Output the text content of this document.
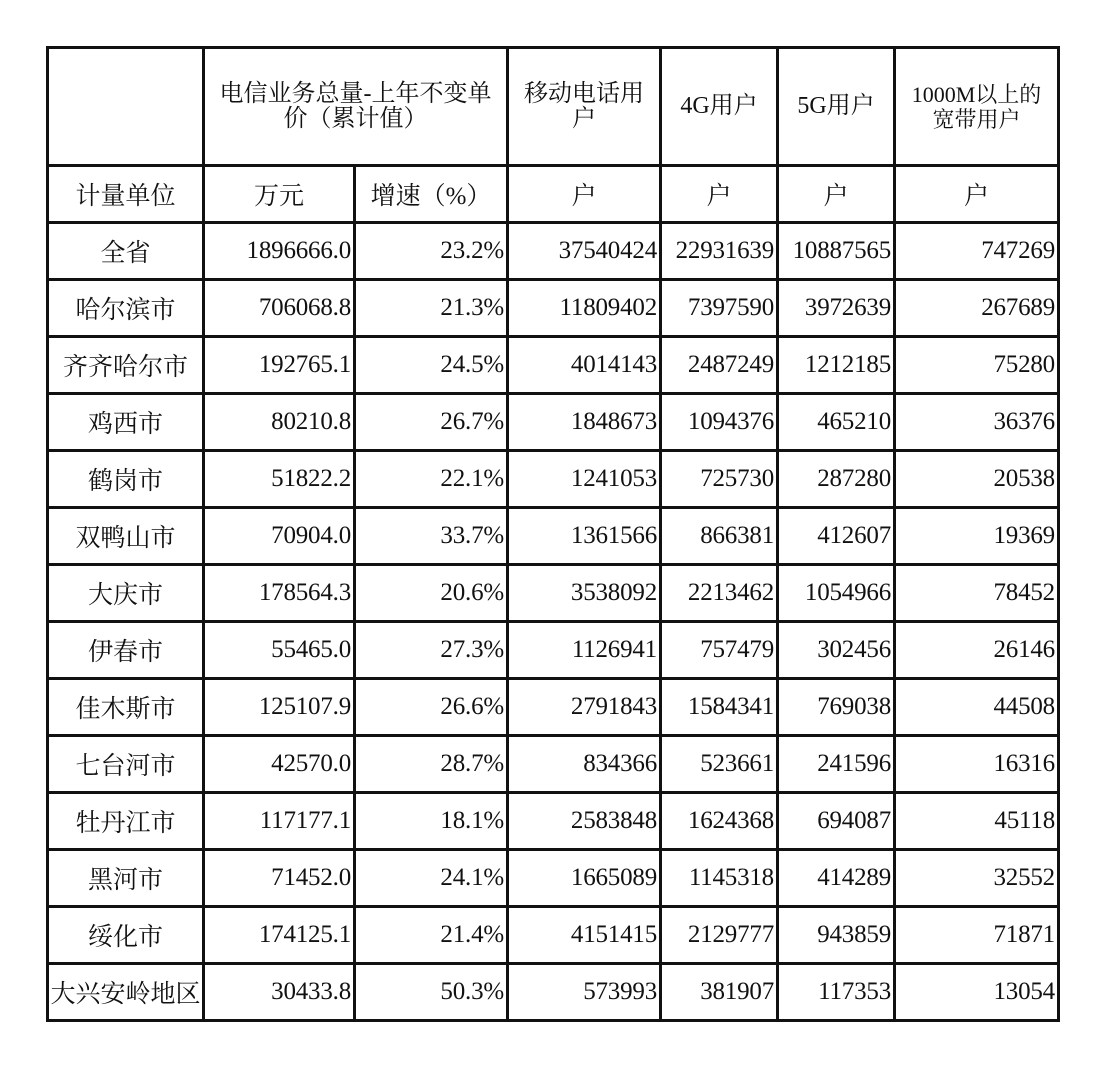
	电信业务总量-上年不变单价（累计值）		移动电话用户	4G用户	5G用户	1000M以上的宽带用户
计量单位	万元	增速（%）	户	户	户	户
全省	1896666.0	23.2%	37540424	22931639	10887565	747269
哈尔滨市	706068.8	21.3%	11809402	7397590	3972639	267689
齐齐哈尔市	192765.1	24.5%	4014143	2487249	1212185	75280
鸡西市	80210.8	26.7%	1848673	1094376	465210	36376
鹤岗市	51822.2	22.1%	1241053	725730	287280	20538
双鸭山市	70904.0	33.7%	1361566	866381	412607	19369
大庆市	178564.3	20.6%	3538092	2213462	1054966	78452
伊春市	55465.0	27.3%	1126941	757479	302456	26146
佳木斯市	125107.9	26.6%	2791843	1584341	769038	44508
七台河市	42570.0	28.7%	834366	523661	241596	16316
牡丹江市	117177.1	18.1%	2583848	1624368	694087	45118
黑河市	71452.0	24.1%	1665089	1145318	414289	32552
绥化市	174125.1	21.4%	4151415	2129777	943859	71871
大兴安岭地区	30433.8	50.3%	573993	381907	117353	13054
